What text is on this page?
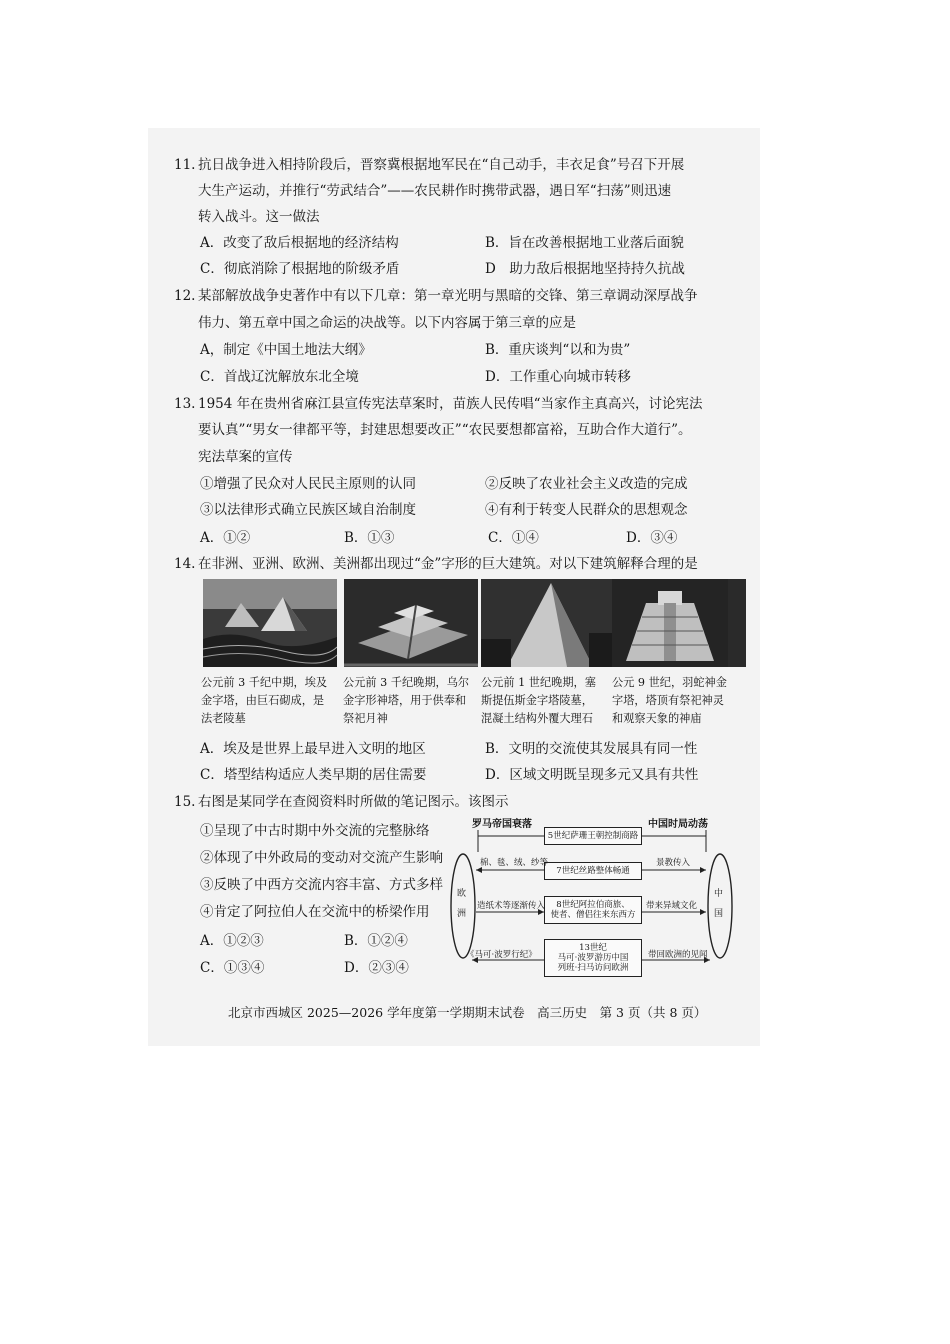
11. 抗日战争进入相持阶段后，晋察冀根据地军民在“自己动手，丰衣足食”号召下开展
大生产运动，并推行“劳武结合”——农民耕作时携带武器，遇日军“扫荡”则迅速
转入战斗。这一做法
A．改变了敌后根据地的经济结构	B．旨在改善根据地工业落后面貌
C．彻底消除了根据地的阶级矛盾	D　助力敌后根据地坚持持久抗战
12. 某部解放战争史著作中有以下几章：第一章光明与黑暗的交锋、第三章调动深厚战争
伟力、第五章中国之命运的决战等。以下内容属于第三章的应是
A，制定《中国土地法大纲》	B．重庆谈判“以和为贵”
C．首战辽沈解放东北全境	D．工作重心向城市转移
13. 1954 年在贵州省麻江县宣传宪法草案时，苗族人民传唱“当家作主真高兴，讨论宪法
要认真”“男女一律都平等，封建思想要改正”“农民要想都富裕，互助合作大道行”。
宪法草案的宣传
①增强了民众对人民民主原则的认同	②反映了农业社会主义改造的完成
③以法律形式确立民族区域自治制度	④有利于转变人民群众的思想观念
A．①②	B．①③	C．①④	D．③④
14. 在非洲、亚洲、欧洲、美洲都出现过“金”字形的巨大建筑。对以下建筑解释合理的是
公元前 3 千纪中期，埃及
金字塔，由巨石砌成，是
法老陵墓
公元前 3 千纪晚期，乌尔
金字形神塔，用于供奉和
祭祀月神
公元前 1 世纪晚期，塞
斯提伍斯金字塔陵墓，
混凝土结构外覆大理石
公元 9 世纪，羽蛇神金
字塔，塔顶有祭祀神灵
和观察天象的神庙
A．埃及是世界上最早进入文明的地区	B．文明的交流使其发展具有同一性
C．塔型结构适应人类早期的居住需要	D．区域文明既呈现多元又具有共性
15. 右图是某同学在查阅资料时所做的笔记图示。该图示
①呈现了中古时期中外交流的完整脉络
②体现了中外政局的变动对交流产生影响
③反映了中西方交流内容丰富、方式多样
④肯定了阿拉伯人在交流中的桥梁作用
A．①②③	B．①②④
C．①③④	D．②③④
罗马帝国衰落	中国时局动荡
欧洲
中国
5世纪萨珊王朝控制商路
7世纪丝路整体畅通
8世纪阿拉伯商旅、
使者、僧侣往来东西方
13世纪
马可·波罗游历中国
列班·扫马访问欧洲
棉、毯、绒、纱等	景教传入
造纸术等逐渐传入	带来异域文化
《马可·波罗行纪》	带回欧洲的见闻
北京市西城区 2025—2026 学年度第一学期期末试卷　高三历史　第 3 页（共 8 页）
